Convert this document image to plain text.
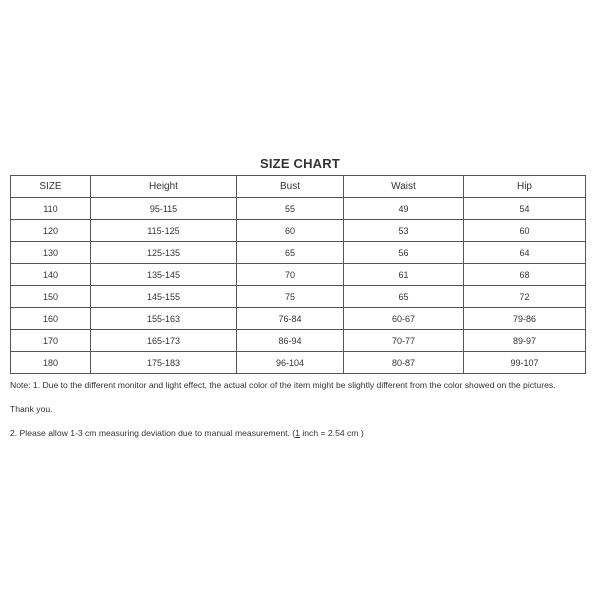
SIZE CHART
SIZE	Height	Bust	Waist	Hip
110	95-115	55	49	54
120	115-125	60	53	60
130	125-135	65	56	64
140	135-145	70	61	68
150	145-155	75	65	72
160	155-163	76-84	60-67	79-86
170	165-173	86-94	70-77	89-97
180	175-183	96-104	80-87	99-107

Note: 1. Due to the different monitor and light effect, the actual color of the item might be slightly different from the color showed on the pictures.

Thank you.

2. Please allow 1-3 cm measuring deviation due to manual measurement. (1 inch = 2.54 cm )
